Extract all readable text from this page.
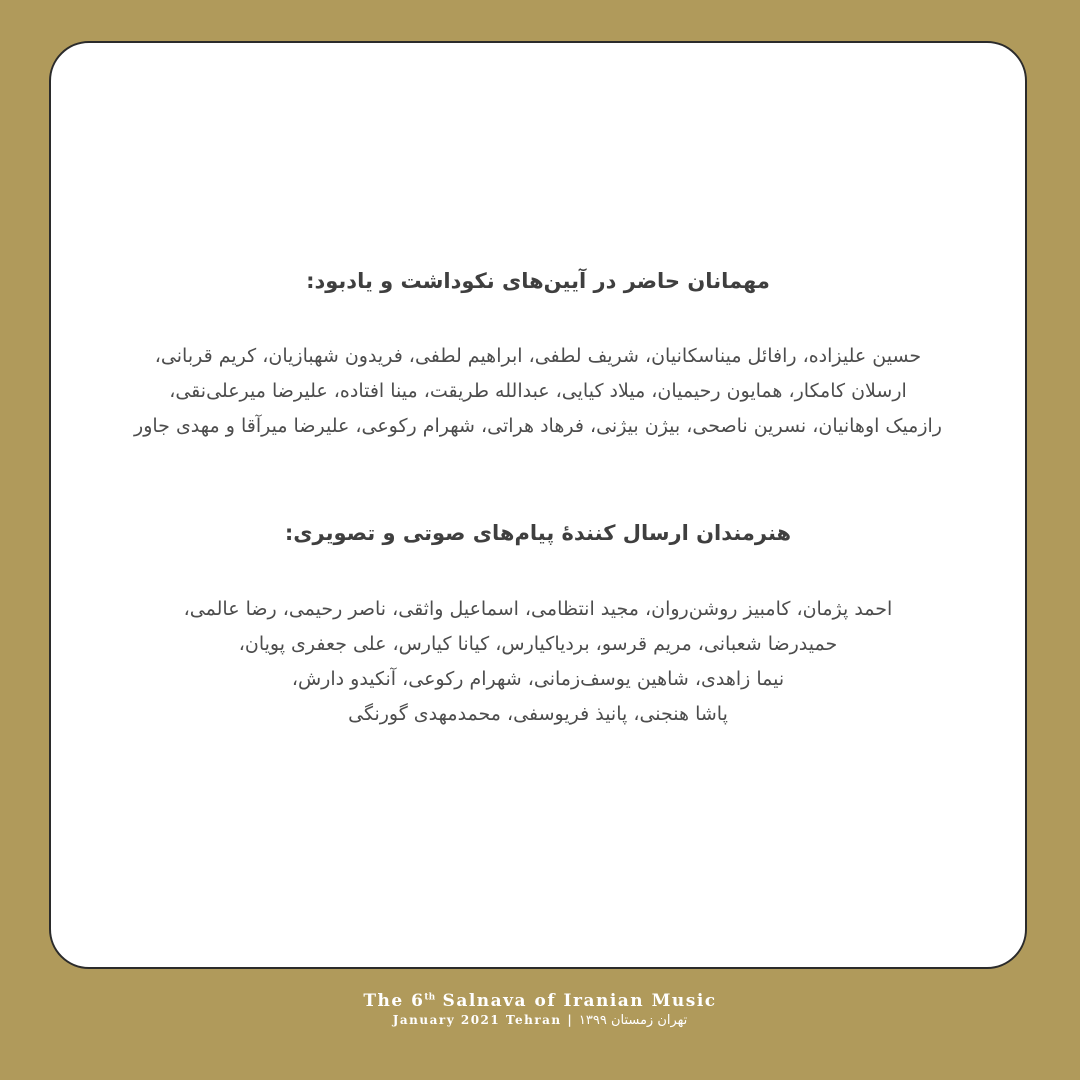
مهمانان حاضر در آیین‌های نکوداشت و یادبود:
حسین علیزاده، رافائل میناسکانیان، شریف لطفی، ابراهیم لطفی، فریدون شهبازیان، کریم قربانی،
ارسلان کامکار، همایون رحیمیان، میلاد کیایی، عبدالله طریقت، مینا افتاده، علیرضا میرعلی‌نقی،
رازمیک اوهانیان، نسرین ناصحی، بیژن بیژنی، فرهاد هراتی، شهرام رکوعی، علیرضا میرآقا و مهدی جاور
هنرمندان ارسال کنندهٔ پیام‌های صوتی و تصویری:
احمد پژمان، کامبیز روشن‌روان، مجید انتظامی، اسماعیل واثقی، ناصر رحیمی، رضا عالمی،
حمیدرضا شعبانی، مریم قرسو، بردیاکیارس، کیانا کیارس، علی جعفری پویان،
نیما زاهدی، شاهین یوسف‌زمانی، شهرام رکوعی، آنکیدو دارش،
پاشا هنجنی، پانیذ فریوسفی، محمدمهدی گورنگی
The 6th Salnava of Iranian Music
January 2021 Tehran | تهران زمستان ۱۳۹۹
